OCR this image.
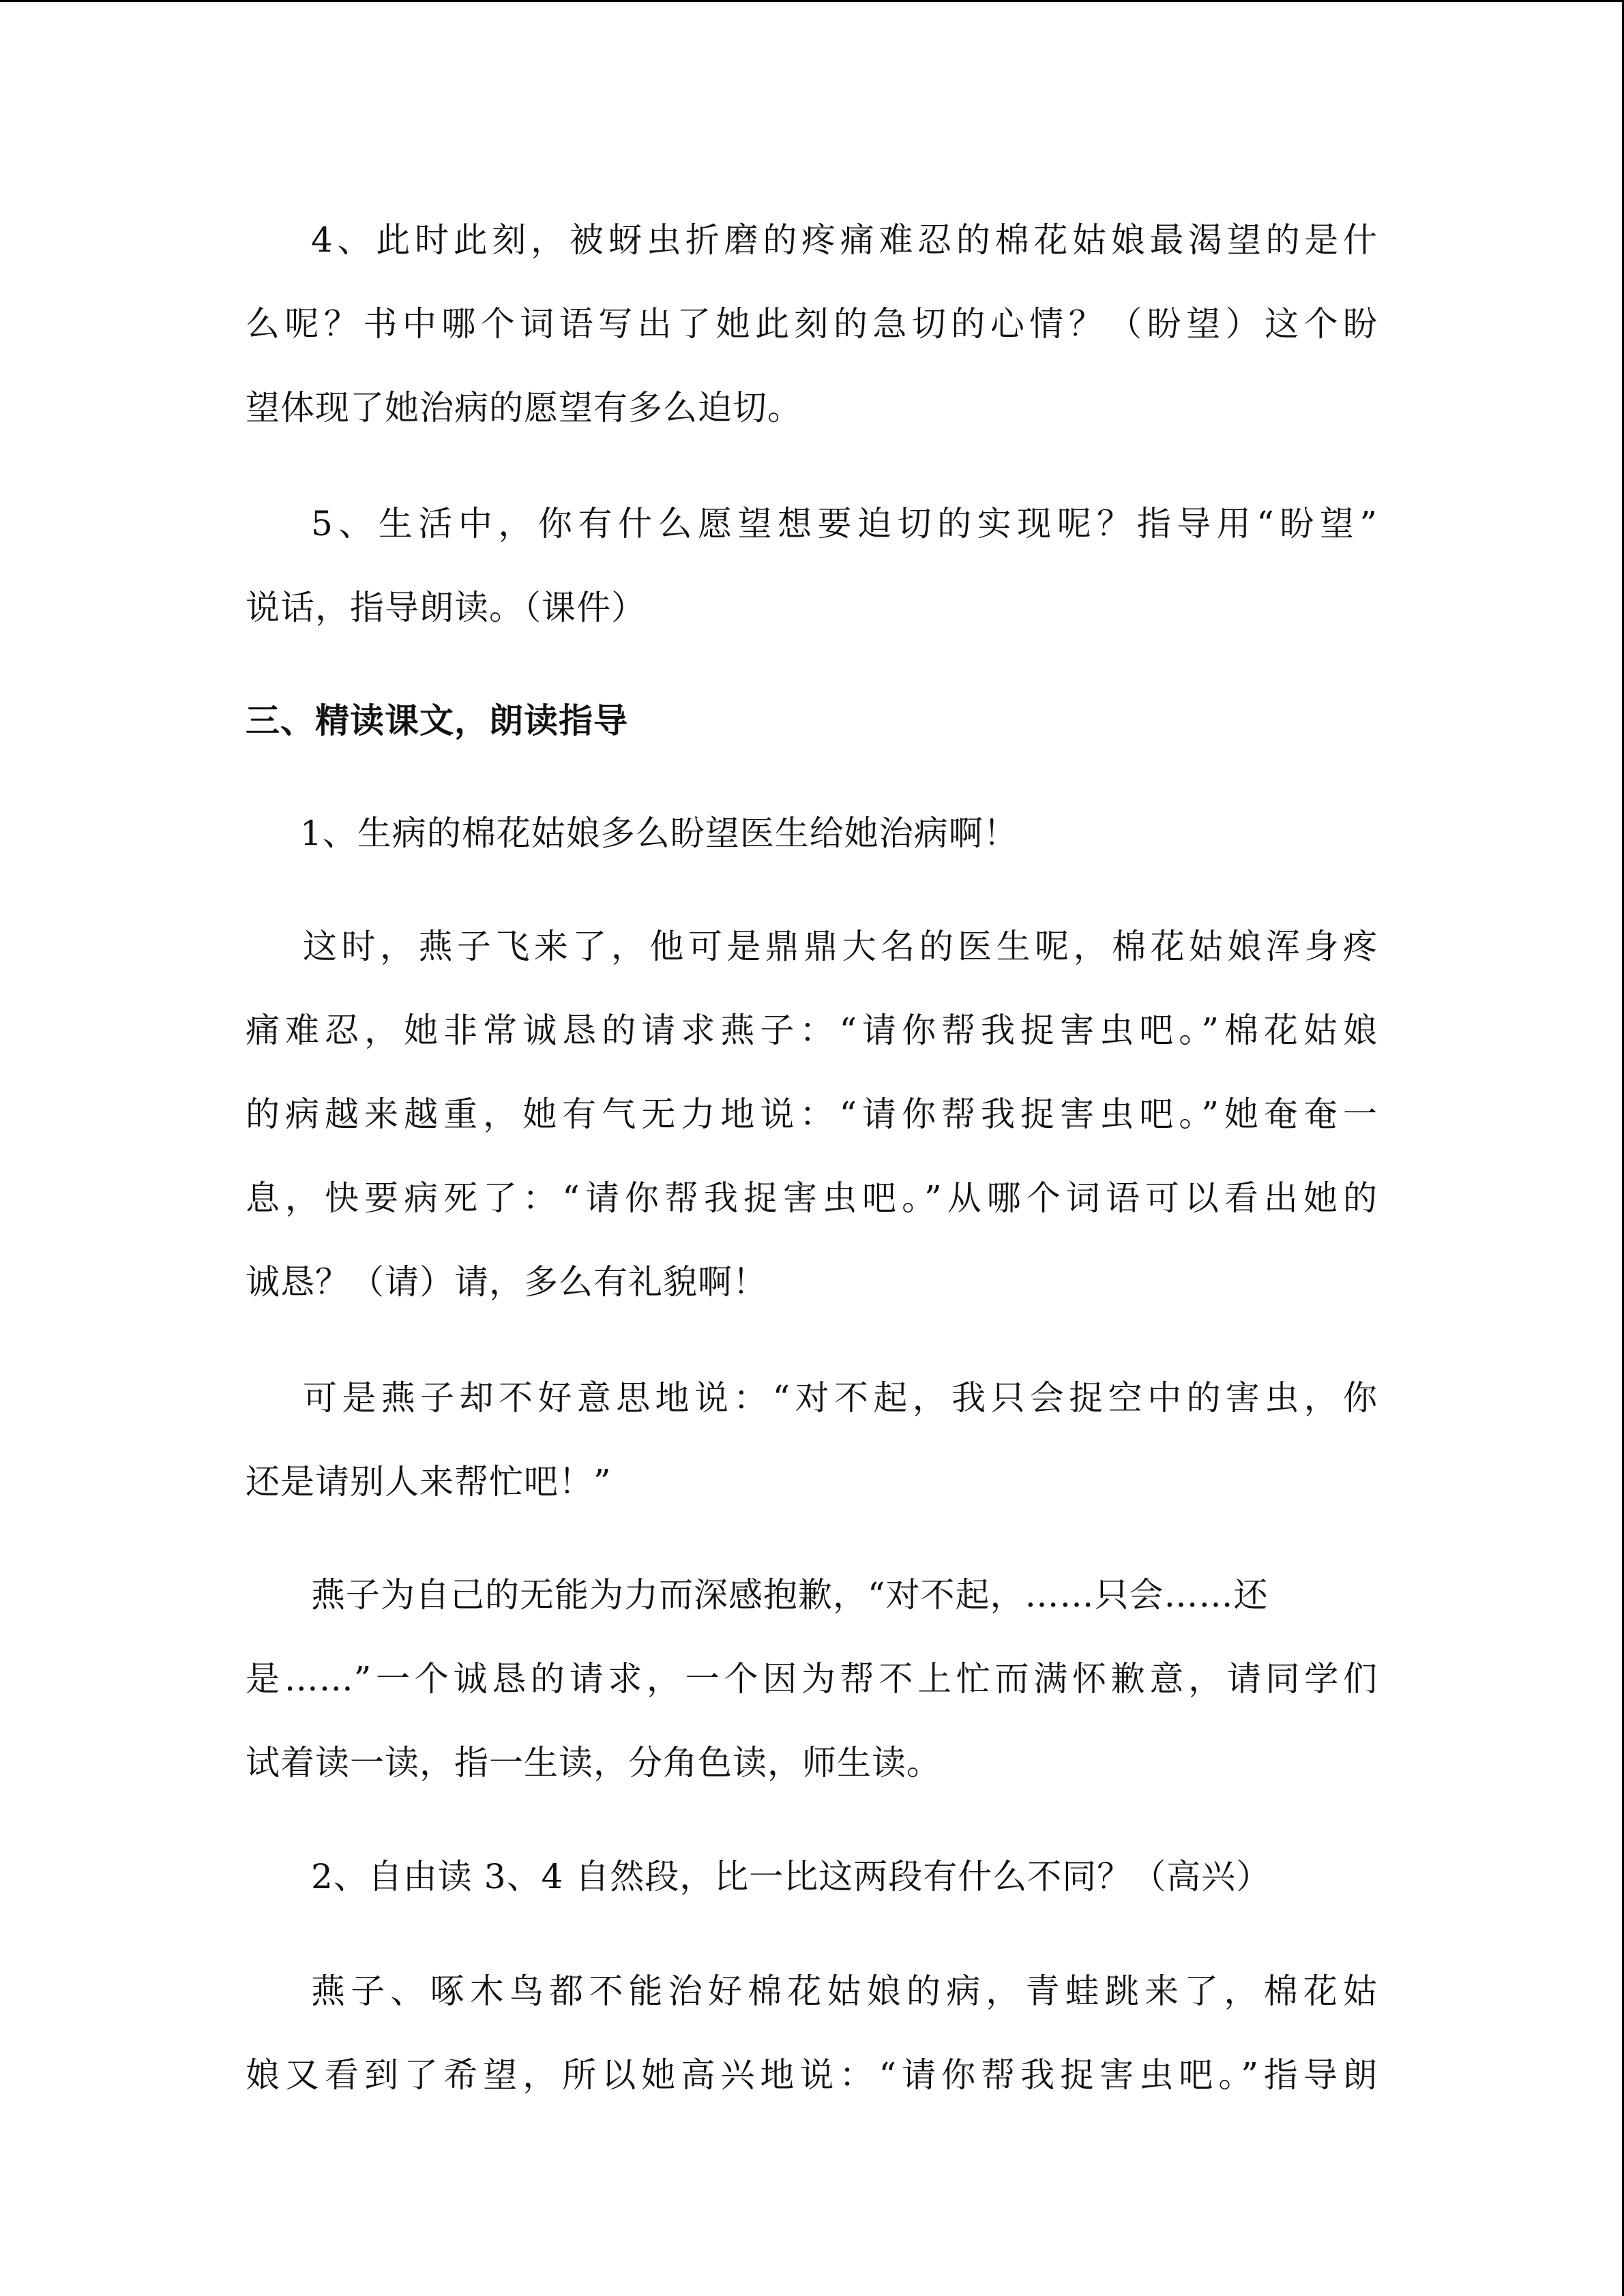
4、此时此刻，被蚜虫折磨的疼痛难忍的棉花姑娘最渴望的是什
么呢？书中哪个词语写出了她此刻的急切的心情？（盼望）这个盼
望体现了她治病的愿望有多么迫切。
5、生活中，你有什么愿望想要迫切的实现呢？指导用“盼望”
说话，指导朗读。（课件）
三、精读课文，朗读指导
1、生病的棉花姑娘多么盼望医生给她治病啊！
这时，燕子飞来了，他可是鼎鼎大名的医生呢，棉花姑娘浑身疼
痛难忍，她非常诚恳的请求燕子：“请你帮我捉害虫吧。”棉花姑娘
的病越来越重，她有气无力地说：“请你帮我捉害虫吧。”她奄奄一
息，快要病死了：“请你帮我捉害虫吧。”从哪个词语可以看出她的
诚恳？（请）请，多么有礼貌啊！
可是燕子却不好意思地说：“对不起，我只会捉空中的害虫，你
还是请别人来帮忙吧！”
燕子为自己的无能为力而深感抱歉，“对不起，……只会……还
是……”一个诚恳的请求，一个因为帮不上忙而满怀歉意，请同学们
试着读一读，指一生读，分角色读，师生读。
2、自由读 3、4 自然段，比一比这两段有什么不同？（高兴）
燕子、啄木鸟都不能治好棉花姑娘的病，青蛙跳来了，棉花姑
娘又看到了希望，所以她高兴地说：“请你帮我捉害虫吧。”指导朗
